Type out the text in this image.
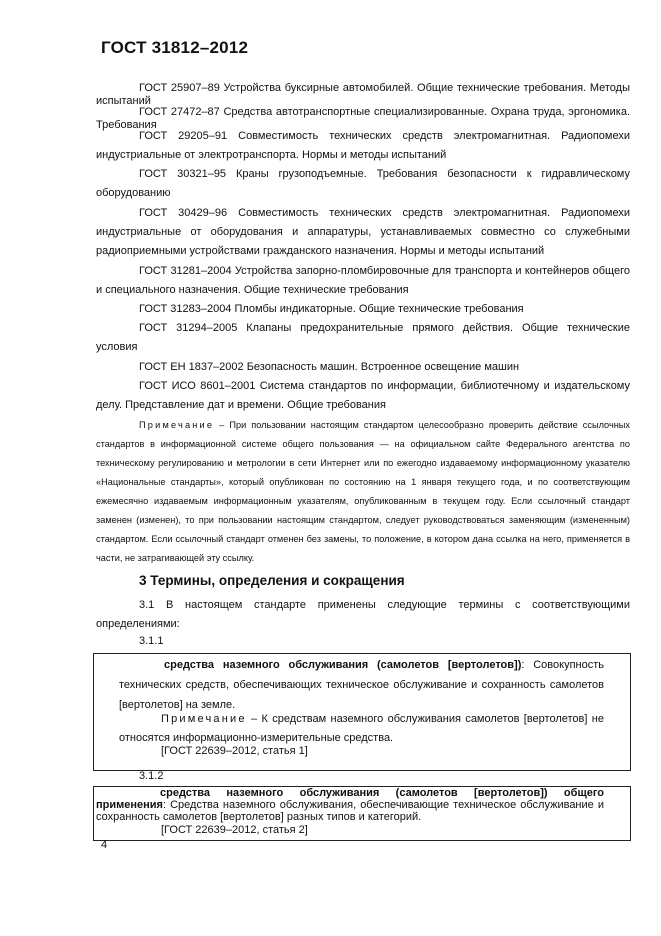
ГОСТ 31812–2012
ГОСТ 25907–89 Устройства буксирные автомобилей. Общие технические требования. Методы испытаний
ГОСТ 27472–87 Средства автотранспортные специализированные. Охрана труда, эргономика. Требования
ГОСТ 29205–91 Совместимость технических средств электромагнитная. Радиопомехи индустриальные от электротранспорта. Нормы и методы испытаний
ГОСТ 30321–95 Краны грузоподъемные. Требования безопасности к гидравлическому оборудованию
ГОСТ 30429–96 Совместимость технических средств электромагнитная. Радиопомехи индустриальные от оборудования и аппаратуры, устанавливаемых совместно со служебными радиоприемными устройствами гражданского назначения. Нормы и методы испытаний
ГОСТ 31281–2004 Устройства запорно-пломбировочные для транспорта и контейнеров общего и специального назначения. Общие технические требования
ГОСТ 31283–2004 Пломбы индикаторные. Общие технические требования
ГОСТ 31294–2005 Клапаны предохранительные прямого действия. Общие технические условия
ГОСТ ЕН 1837–2002 Безопасность машин. Встроенное освещение машин
ГОСТ ИСО 8601–2001 Система стандартов по информации, библиотечному и издательскому делу. Представление дат и времени. Общие требования
Примечание – При пользовании настоящим стандартом целесообразно проверить действие ссылочных стандартов в информационной системе общего пользования — на официальном сайте Федерального агентства по техническому регулированию и метрологии в сети Интернет или по ежегодно издаваемому информационному указателю «Национальные стандарты», который опубликован по состоянию на 1 января текущего года, и по соответствующим ежемесячно издаваемым информационным указателям, опубликованным в текущем году. Если ссылочный стандарт заменен (изменен), то при пользовании настоящим стандартом, следует руководствоваться заменяющим (измененным) стандартом. Если ссылочный стандарт отменен без замены, то положение, в котором дана ссылка на него, применяется в части, не затрагивающей эту ссылку.
3 Термины, определения и сокращения
3.1 В настоящем стандарте применены следующие термины с соответствующими определениями:
3.1.1
средства наземного обслуживания (самолетов [вертолетов]): Совокупность технических средств, обеспечивающих техническое обслуживание и сохранность самолетов [вертолетов] на земле.
Примечание – К средствам наземного обслуживания самолетов [вертолетов] не относятся информационно-измерительные средства.
[ГОСТ 22639–2012, статья 1]
3.1.2
средства наземного обслуживания (самолетов [вертолетов]) общего применения: Средства наземного обслуживания, обеспечивающие техническое обслуживание и сохранность самолетов [вертолетов] разных типов и категорий.
[ГОСТ 22639–2012, статья 2]
4
